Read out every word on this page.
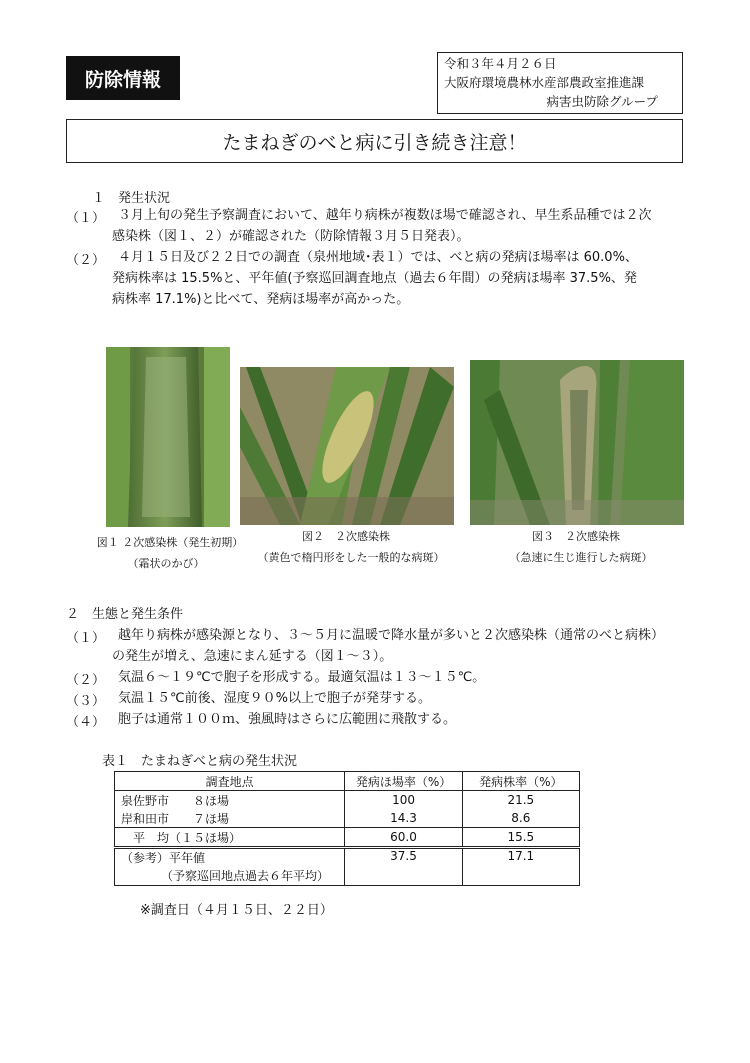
防除情報
令和３年４月２６日
大阪府環境農林水産部農政室推進課
病害虫防除グループ
たまねぎのべと病に引き続き注意！
１　発生状況
（１） ３月上旬の発生予察調査において、越年り病株が複数ほ場で確認され、早生系品種では２次
感染株（図１、２）が確認された（防除情報３月５日発表）。
（２） ４月１５日及び２２日での調査（泉州地域･表１）では、べと病の発病ほ場率は 60.0%、
発病株率は 15.5%と、平年値(予察巡回調査地点（過去６年間）の発病ほ場率 37.5%、発
病株率 17.1%)と比べて、発病ほ場率が高かった。
図１ ２次感染株（発生初期）
（霜状のかび）
図２　２次感染株
（黄色で楕円形をした一般的な病斑）
図３　２次感染株
（急速に生じ進行した病斑）
２　生態と発生条件
（１） 越年り病株が感染源となり、３～５月に温暖で降水量が多いと２次感染株（通常のべと病株）
の発生が増え、急速にまん延する（図１～３）。
（２） 気温６～１９℃で胞子を形成する。最適気温は１３～１５℃。
（３） 気温１５℃前後、湿度９０%以上で胞子が発芽する。
（４） 胞子は通常１００ｍ、強風時はさらに広範囲に飛散する。
表１　たまねぎべと病の発生状況
調査地点	発病ほ場率（%）	発病株率（%）
泉佐野市　　８ほ場	100	21.5
岸和田市　　７ほ場	14.3	8.6
　平　均（１５ほ場）	60.0	15.5

（参考）平年値
（予察巡回地点過去６年平均）	37.5	17.1
※調査日（４月１５日、２２日）
